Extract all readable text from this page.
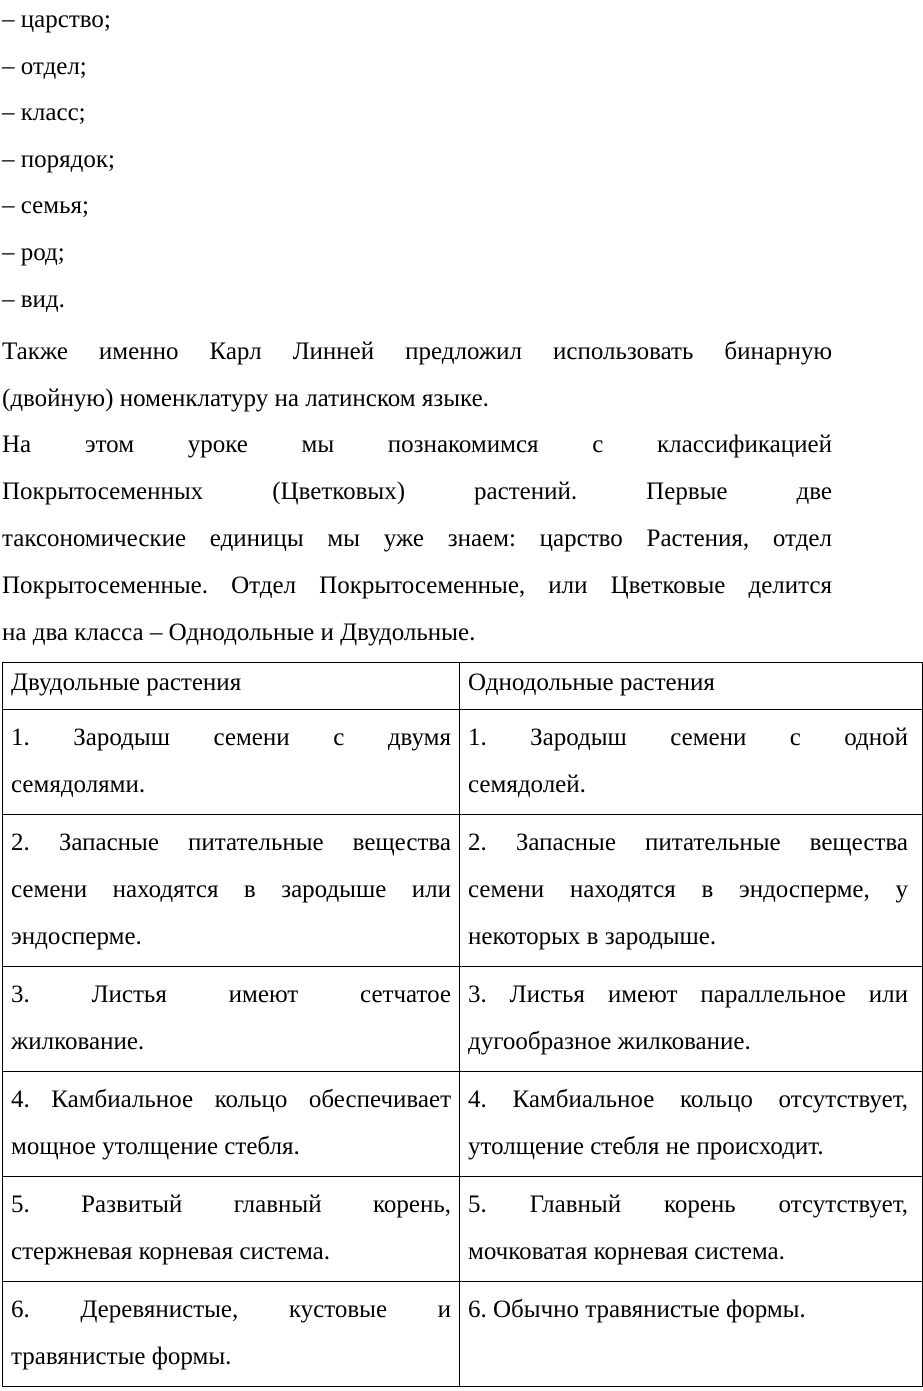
– царство;
– отдел;
– класс;
– порядок;
– семья;
– род;
– вид.

Также именно Карл Линней предложил использовать бинарную
(двойную) номенклатуру на латинском языке.

На этом уроке мы познакомимся с классификацией
Покрытосеменных (Цветковых) растений. Первые две
таксономические единицы мы уже знаем: царство Растения, отдел
Покрытосеменные. Отдел Покрытосеменные, или Цветковые делится
на два класса – Однодольные и Двудольные.

Двудольные растения	Однодольные растения

1. Зародыш семени с двумя
семядолями.	1. Зародыш семени с одной
семядолей.

2. Запасные питательные вещества
семени находятся в зародыше или
эндосперме.	2. Запасные питательные вещества
семени находятся в эндосперме, у
некоторых в зародыше.

3. Листья имеют сетчатое
жилкование.	3. Листья имеют параллельное или
дугообразное жилкование.

4. Камбиальное кольцо обеспечивает
мощное утолщение стебля.	4. Камбиальное кольцо отсутствует,
утолщение стебля не происходит.

5. Развитый главный корень,
стержневая корневая система.	5. Главный корень отсутствует,
мочковатая корневая система.

6. Деревянистые, кустовые и
травянистые формы.	6. Обычно травянистые формы.
